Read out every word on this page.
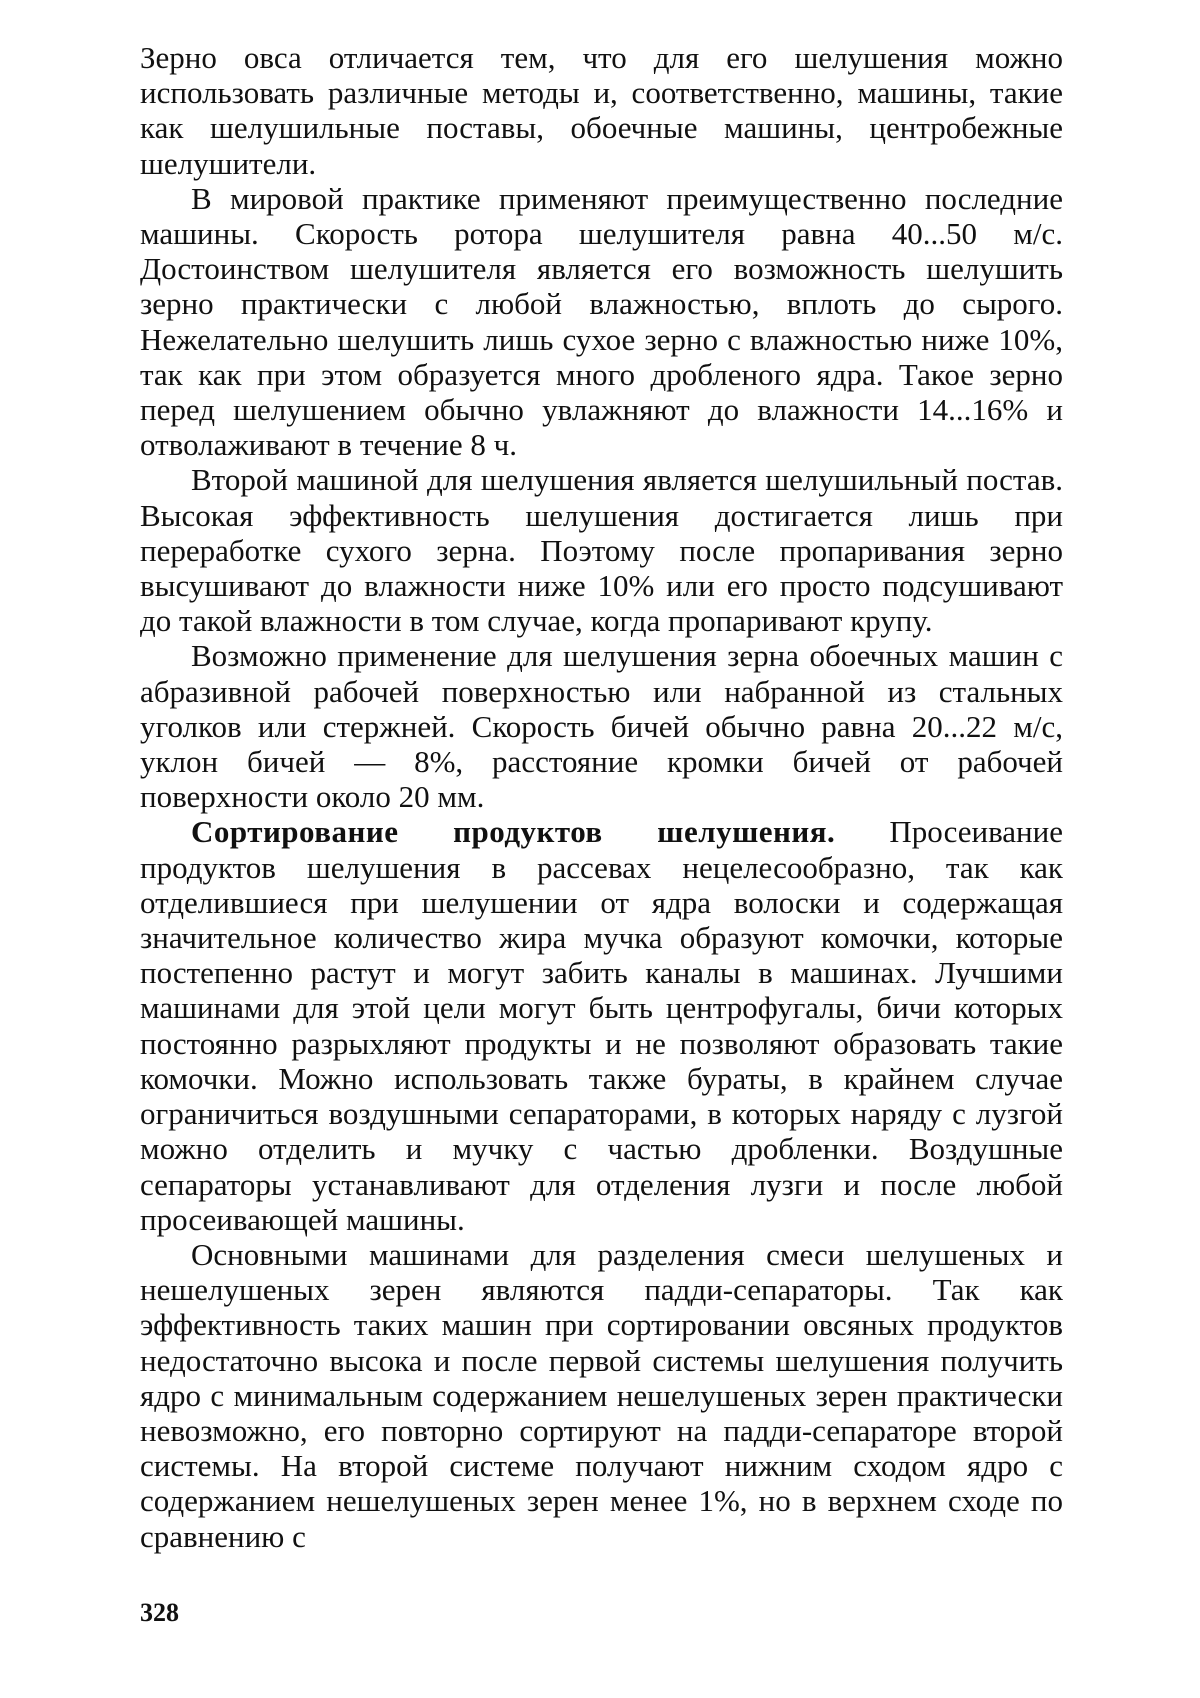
Зерно овса отличается тем, что для его шелушения можно использовать различные методы и, соответственно, машины, такие как шелушильные поставы, обоечные машины, центро­бежные шелушители.

В мировой практике применяют преимущественно послед­ние машины. Скорость ротора шелушителя равна 40...50 м/с. Достоинством шелушителя является его возможность шелу­шить зерно практически с любой влажностью, вплоть до сырого. Нежелательно шелушить лишь сухое зерно с влаж­ностью ниже 10%, так как при этом образуется много дроб­леного ядра. Такое зерно перед шелушением обычно увлажня­ют до влажности 14...16% и отволаживают в течение 8 ч.

Второй машиной для шелушения является шелушильный постав. Высокая эффективность шелушения достигается лишь при переработке сухого зерна. Поэтому после пропаривания зерно высушивают до влажности ниже 10% или его просто подсушивают до такой влажности в том случае, когда пропа­ривают крупу.

Возможно применение для шелушения зерна обоечных машин с абразивной рабочей поверхностью или набранной из стальных уголков или стержней. Скорость бичей обычно равна 20...22 м/с, уклон бичей — 8%, расстояние кромки бичей от рабочей поверхности около 20 мм.

Сортирование продуктов шелушения. Просеивание продуктов шелушения в рассевах нецелесообразно, так как отделившиеся при шелушении от ядра волоски и содержащая значительное количество жира мучка образуют комочки, которые постепенно растут и могут забить каналы в машинах. Лучшими машинами для этой цели могут быть центрофугалы, бичи которых постоянно разрыхляют продукты и не позволяют образовать такие комочки. Можно использовать также бураты, в крайнем случае ограничиться воздушными сепараторами, в которых наряду с лузгой можно отделить и мучку с частью дробленки. Воздушные сепараторы устанавливают для отделения лузги и после любой просеивающей машины.

Основными машинами для разделения смеси шелушеных и нешелушеных зерен являются падди-сепараторы. Так как эффективность таких машин при сортировании овсяных про­дуктов недостаточно высока и после первой системы шелуше­ния получить ядро с минимальным содержанием нешелуше­ных зерен практически невозможно, его повторно сортируют на падди-сепараторе второй системы. На второй системе получают нижним сходом ядро с содержанием нешелуше­ных зерен менее 1%, но в верхнем сходе по сравнению с

328
